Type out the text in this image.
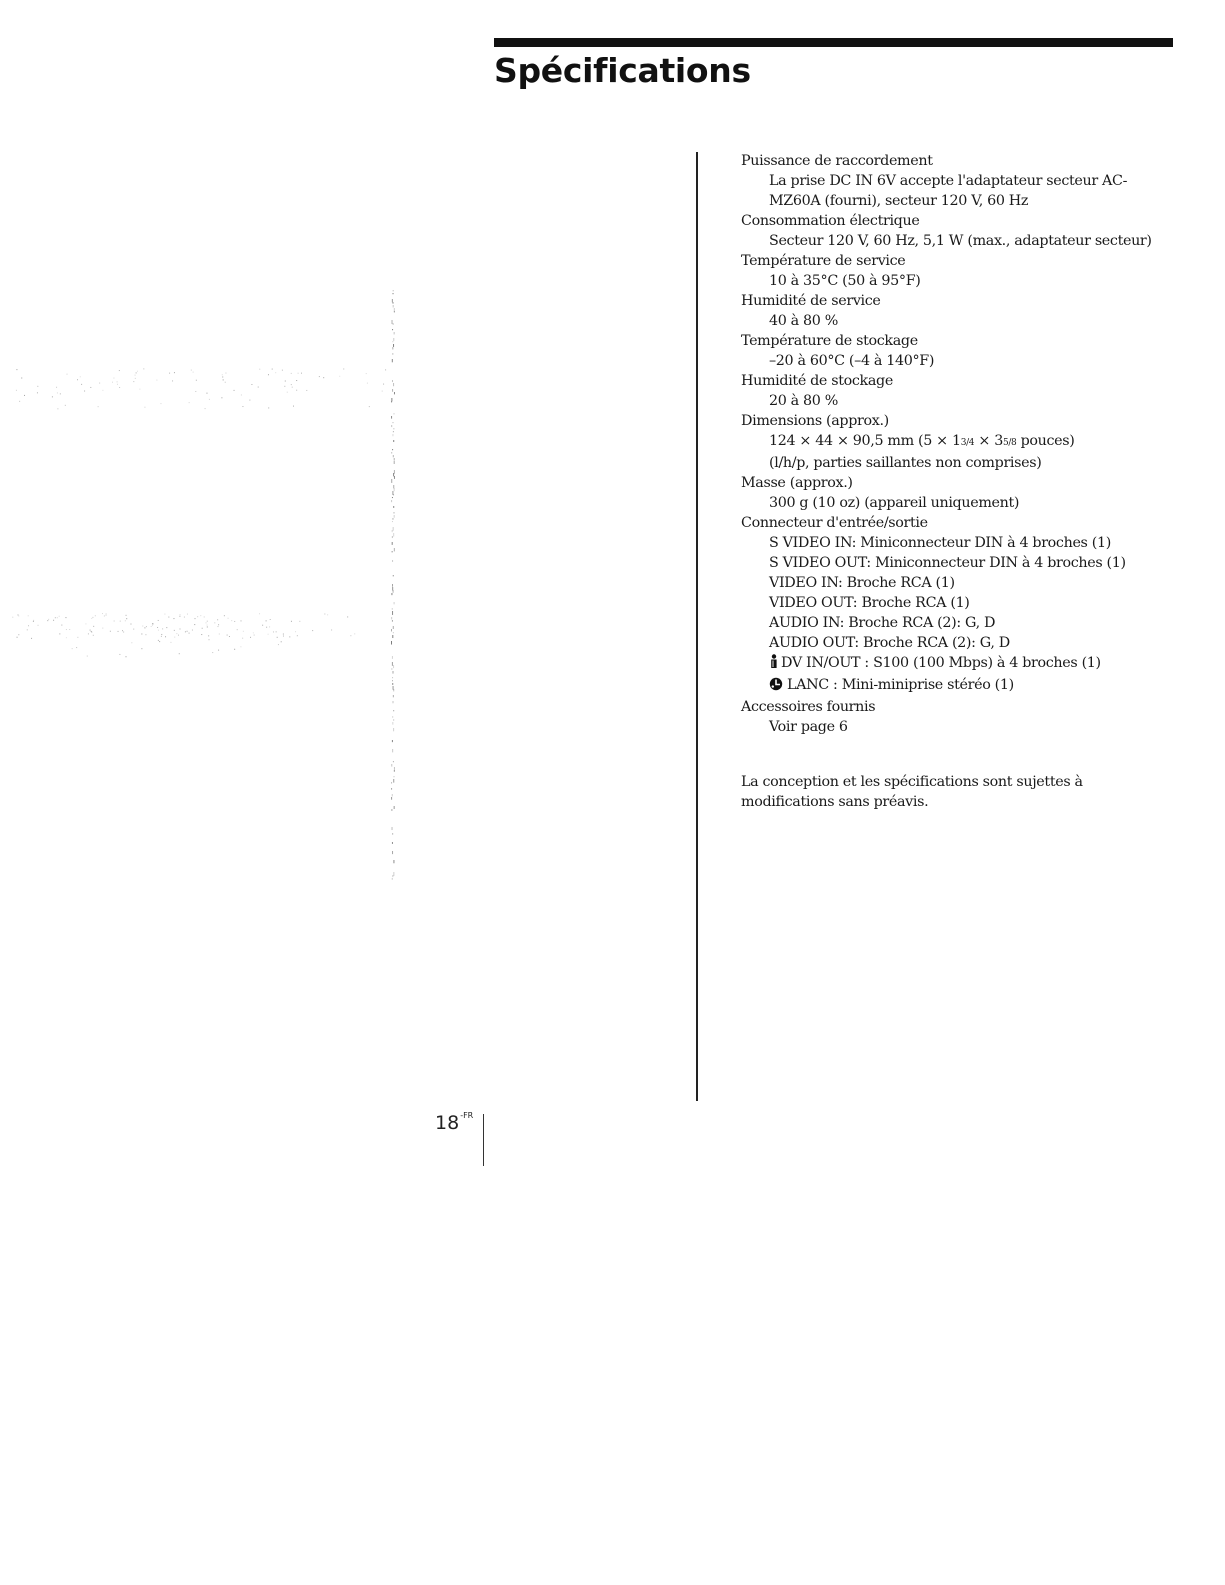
Spécifications
Puissance de raccordement
La prise DC IN 6V accepte l'adaptateur secteur AC-MZ60A (fourni), secteur 120 V, 60 Hz
Consommation électrique
Secteur 120 V, 60 Hz, 5,1 W (max., adaptateur secteur)
Température de service
10 à 35°C (50 à 95°F)
Humidité de service
40 à 80 %
Température de stockage
–20 à 60°C (–4 à 140°F)
Humidité de stockage
20 à 80 %
Dimensions (approx.)
124 × 44 × 90,5 mm (5 × 13/4 × 35/8 pouces)
(l/h/p, parties saillantes non comprises)
Masse (approx.)
300 g (10 oz) (appareil uniquement)
Connecteur d'entrée/sortie
S VIDEO IN: Miniconnecteur DIN à 4 broches (1)
S VIDEO OUT: Miniconnecteur DIN à 4 broches (1)
VIDEO IN: Broche RCA (1)
VIDEO OUT: Broche RCA (1)
AUDIO IN: Broche RCA (2): G, D
AUDIO OUT: Broche RCA (2): G, D
DV IN/OUT : S100 (100 Mbps) à 4 broches (1)
LANC : Mini-miniprise stéréo (1)
Accessoires fournis
Voir page 6

La conception et les spécifications sont sujettes à modifications sans préavis.

$18^{-FR}$
